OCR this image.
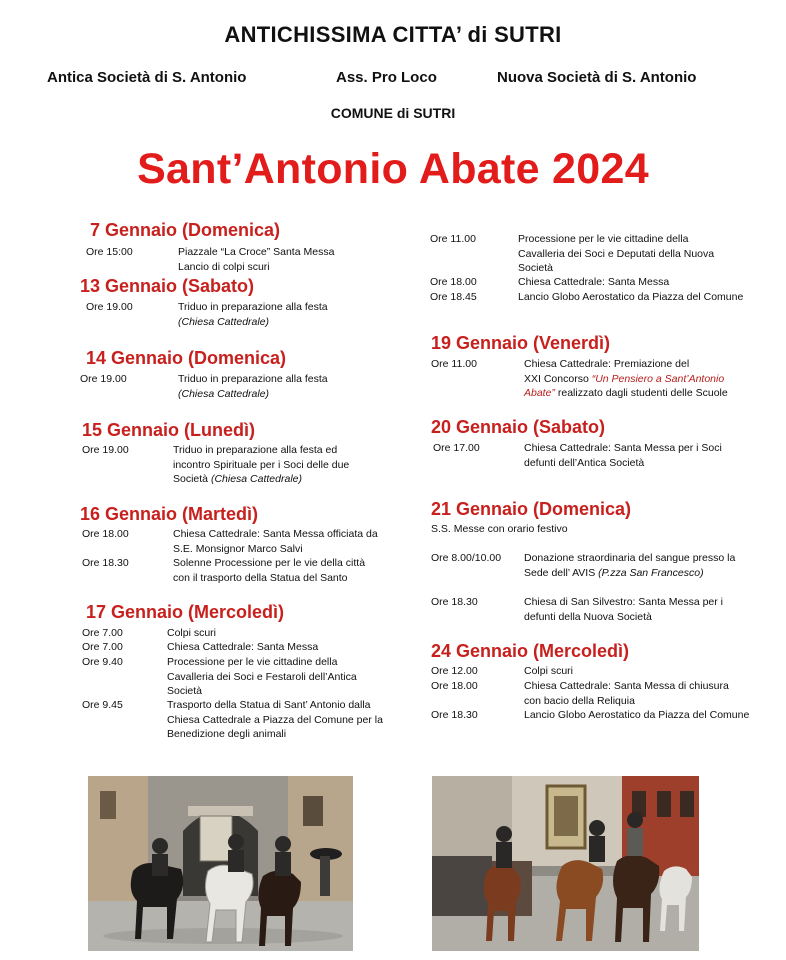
ANTICHISSIMA CITTA’ di SUTRI
Antica Società di S. Antonio	Ass. Pro Loco	Nuova Società di S. Antonio
COMUNE di SUTRI
Sant’Antonio Abate 2024
7 Gennaio (Domenica)
Ore 15:00	Piazzale “La Croce” Santa Messa
Lancio di colpi scuri
13 Gennaio (Sabato)
Ore 19.00	Triduo in preparazione alla festa
(Chiesa Cattedrale)
14 Gennaio (Domenica)
Ore 19.00	Triduo in preparazione alla festa
(Chiesa Cattedrale)
15 Gennaio (Lunedì)
Ore 19.00	Triduo in preparazione alla festa ed
incontro Spirituale per i Soci delle due
Società (Chiesa Cattedrale)
16 Gennaio (Martedì)
Ore 18.00	Chiesa Cattedrale: Santa Messa officiata da
S.E. Monsignor Marco Salvi
Ore 18.30	Solenne Processione per le vie della città
con il trasporto della Statua del Santo
17 Gennaio (Mercoledì)
Ore 7.00	Colpi scuri
Ore 7.00	Chiesa Cattedrale: Santa Messa
Ore 9.40	Processione per le vie cittadine della
Cavalleria dei Soci e Festaroli dell’Antica
Società
Ore 9.45	Trasporto della Statua di Sant’ Antonio dalla
Chiesa Cattedrale a Piazza del Comune per la
Benedizione degli animali
Ore 11.00	Processione per le vie cittadine della
Cavalleria dei Soci e Deputati della Nuova
Società
Ore 18.00	Chiesa Cattedrale: Santa Messa
Ore 18.45	Lancio Globo Aerostatico da Piazza del Comune
19 Gennaio (Venerdì)
Ore 11.00	Chiesa Cattedrale: Premiazione del
XXI Concorso “Un Pensiero a Sant’Antonio
Abate” realizzato dagli studenti delle Scuole
20 Gennaio (Sabato)
Ore 17.00	Chiesa Cattedrale: Santa Messa per i Soci
defunti dell’Antica Società
21 Gennaio (Domenica)
S.S. Messe con orario festivo
Ore 8.00/10.00 Donazione straordinaria del sangue presso la
Sede dell’ AVIS (P.zza San Francesco)
Ore 18.30	Chiesa di San Silvestro: Santa Messa per i
defunti della Nuova Società
24 Gennaio (Mercoledì)
Ore 12.00	Colpi scuri
Ore 18.00	Chiesa Cattedrale: Santa Messa di chiusura
con bacio della Reliquia
Ore 18.30	Lancio Globo Aerostatico da Piazza del Comune
